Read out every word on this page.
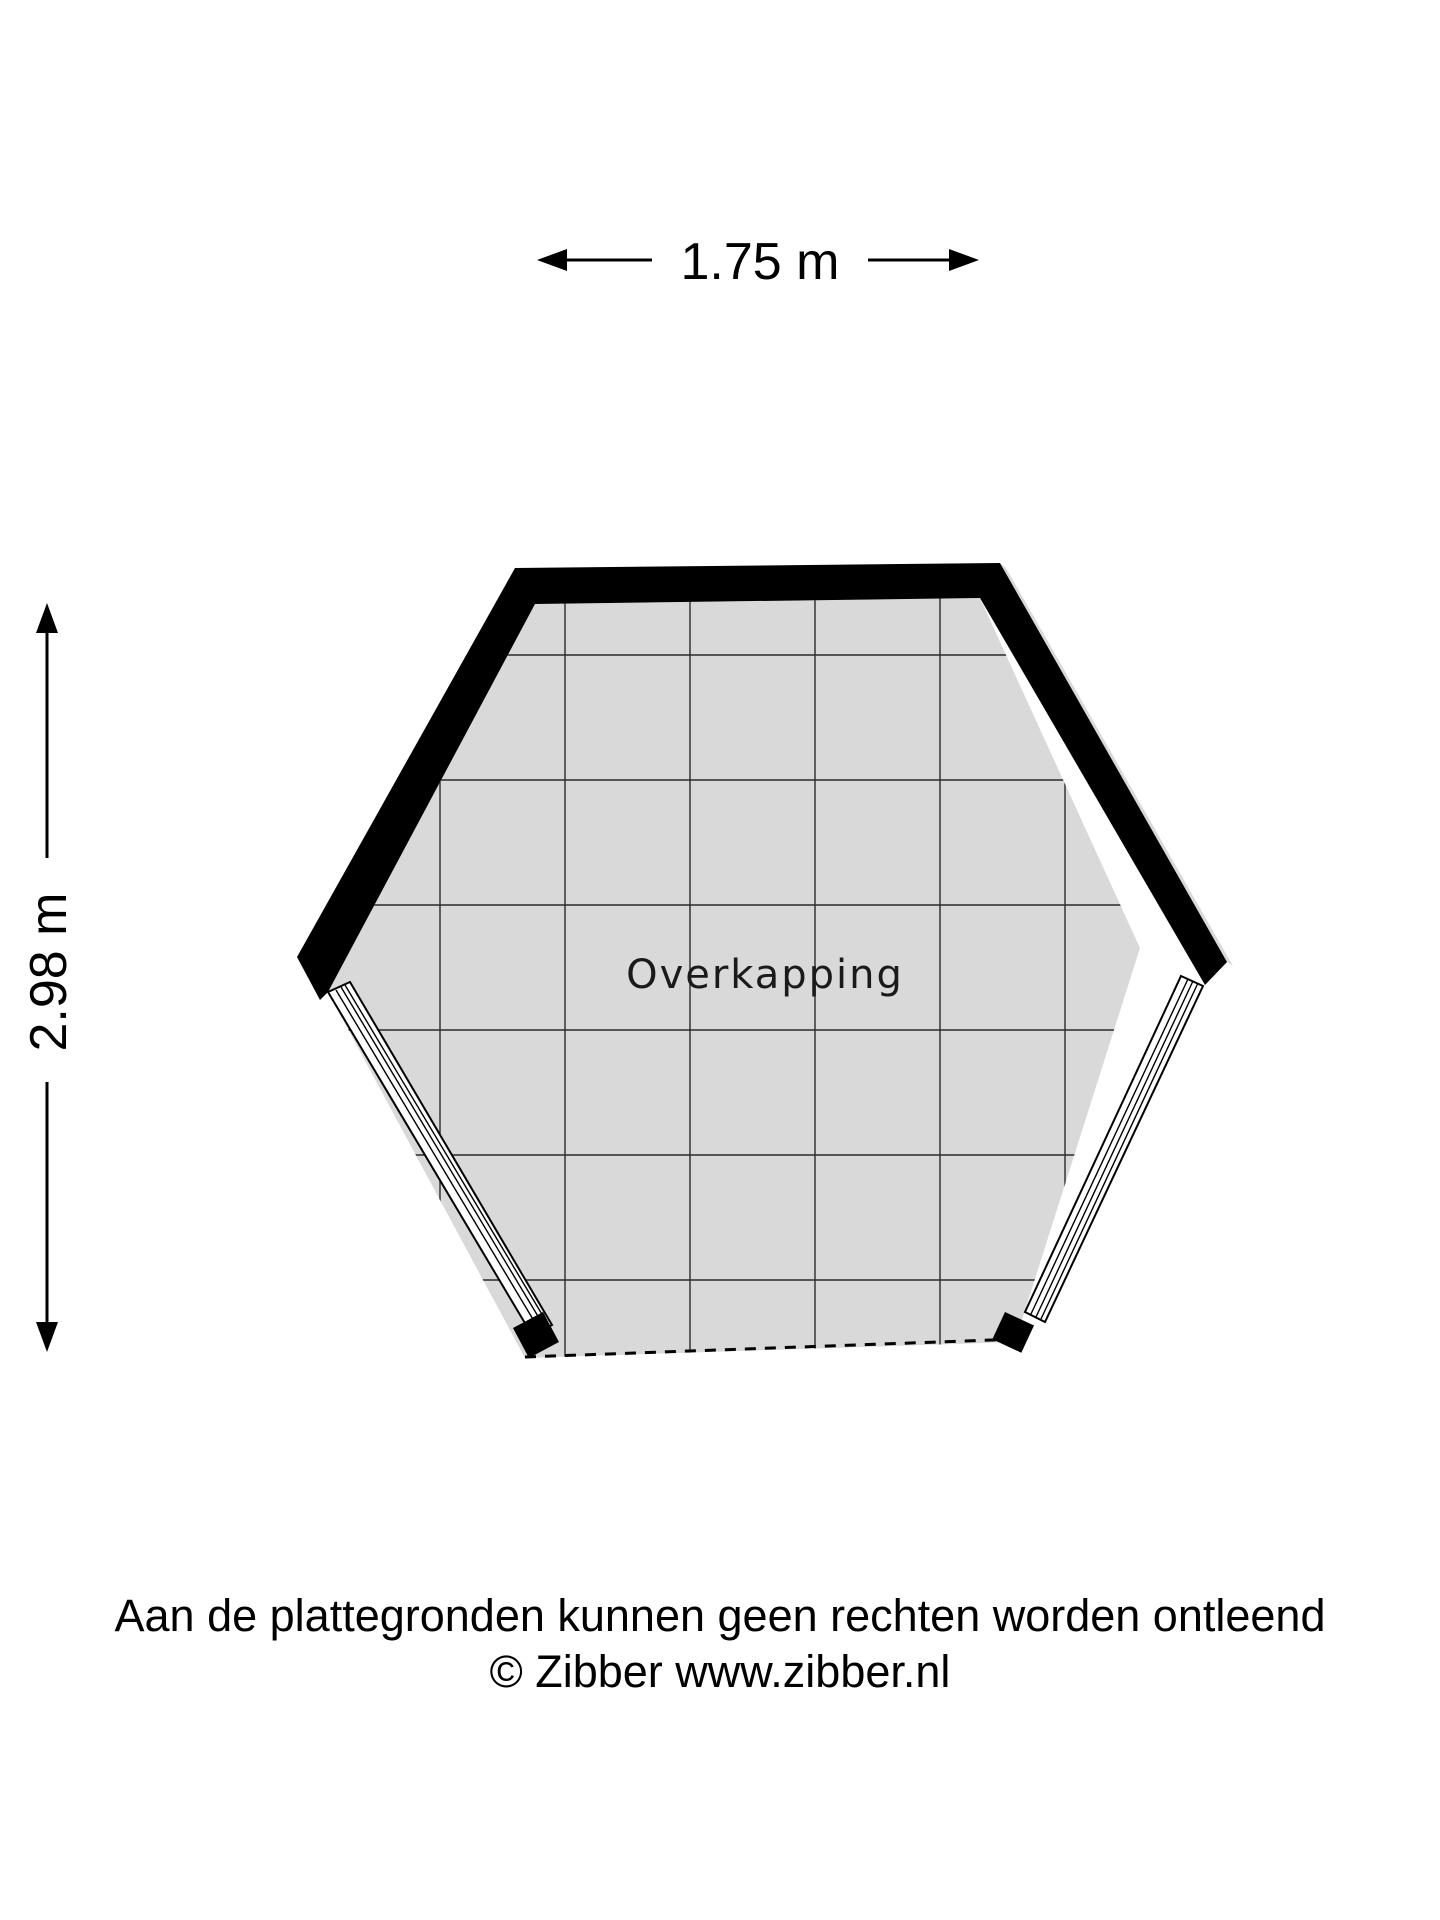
1.75 m
2.98 m	Overkapping
Aan de plattegronden kunnen geen rechten worden ontleend
© Zibber www.zibber.nl
